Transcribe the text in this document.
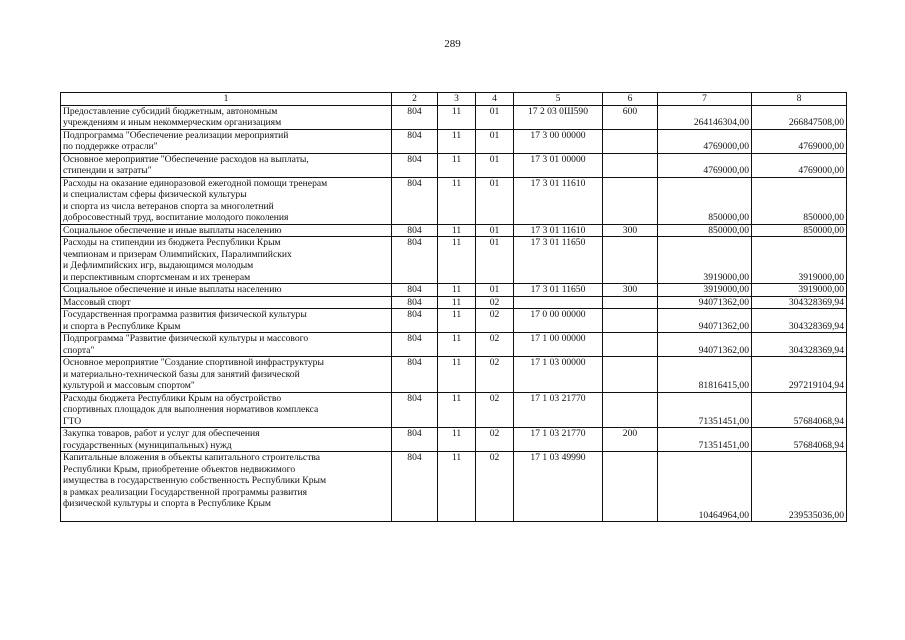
289
1	2	3	4	5	6	7	8
Предоставление субсидий бюджетным, автономным
учреждениям и иным некоммерческим организациям	804	11	01	17 2 03 0Ш590	600	264146304,00	266847508,00
Подпрограмма "Обеспечение реализации мероприятий
по поддержке отрасли"	804	11	01	17 3 00 00000		4769000,00	4769000,00
Основное мероприятие "Обеспечение расходов на выплаты,
стипендии и затраты"	804	11	01	17 3 01 00000		4769000,00	4769000,00
Расходы на оказание единоразовой ежегодной помощи тренерам
и специалистам сферы физической культуры
и спорта из числа ветеранов спорта за многолетний
добросовестный труд, воспитание молодого поколения	804	11	01	17 3 01 11610		850000,00	850000,00
Социальное обеспечение и иные выплаты населению	804	11	01	17 3 01 11610	300	850000,00	850000,00
Расходы на стипендии из бюджета Республики Крым
чемпионам и призерам Олимпийских, Паралимпийских
и Дефлимпийских игр, выдающимся молодым
и перспективным спортсменам и их тренерам	804	11	01	17 3 01 11650		3919000,00	3919000,00
Социальное обеспечение и иные выплаты населению	804	11	01	17 3 01 11650	300	3919000,00	3919000,00
Массовый спорт	804	11	02			94071362,00	304328369,94
Государственная программа развития физической культуры
и спорта в Республике Крым	804	11	02	17 0 00 00000		94071362,00	304328369,94
Подпрограмма "Развитие физической культуры и массового
спорта"	804	11	02	17 1 00 00000		94071362,00	304328369,94
Основное мероприятие "Создание спортивной инфраструктуры
и материально-технической базы для занятий физической
культурой и массовым спортом"	804	11	02	17 1 03 00000		81816415,00	297219104,94
Расходы бюджета Республики Крым на обустройство
спортивных площадок для выполнения нормативов комплекса
ГТО	804	11	02	17 1 03 21770		71351451,00	57684068,94
Закупка товаров, работ и услуг для обеспечения
государственных (муниципальных) нужд	804	11	02	17 1 03 21770	200	71351451,00	57684068,94
Капитальные вложения в объекты капитального строительства
Республики Крым, приобретение объектов недвижимого
имущества в государственную собственность Республики Крым
в рамках реализации Государственной программы развития
физической культуры и спорта в Республике Крым	804	11	02	17 1 03 49990		10464964,00	239535036,00
